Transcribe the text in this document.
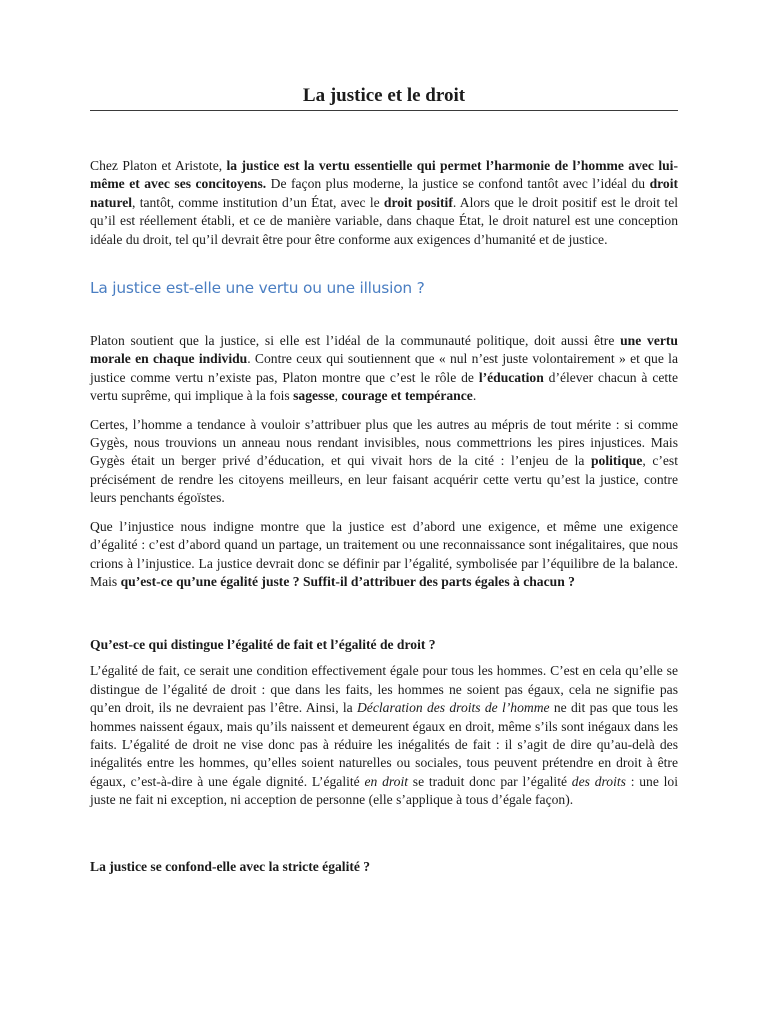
La justice et le droit

Chez Platon et Aristote, la justice est la vertu essentielle qui permet l’harmonie de l’homme avec lui-même et avec ses concitoyens. De façon plus moderne, la justice se confond tantôt avec l’idéal du droit naturel, tantôt, comme institution d’un État, avec le droit positif. Alors que le droit positif est le droit tel qu’il est réellement établi, et ce de manière variable, dans chaque État, le droit naturel est une conception idéale du droit, tel qu’il devrait être pour être conforme aux exigences d’humanité et de justice.

La justice est-elle une vertu ou une illusion ?

Platon soutient que la justice, si elle est l’idéal de la communauté politique, doit aussi être une vertu morale en chaque individu. Contre ceux qui soutiennent que « nul n’est juste volontairement » et que la justice comme vertu n’existe pas, Platon montre que c’est le rôle de l’éducation d’élever chacun à cette vertu suprême, qui implique à la fois sagesse, courage et tempérance.

Certes, l’homme a tendance à vouloir s’attribuer plus que les autres au mépris de tout mérite : si comme Gygès, nous trouvions un anneau nous rendant invisibles, nous commettrions les pires injustices. Mais Gygès était un berger privé d’éducation, et qui vivait hors de la cité : l’enjeu de la politique, c’est précisément de rendre les citoyens meilleurs, en leur faisant acquérir cette vertu qu’est la justice, contre leurs penchants égoïstes.

Que l’injustice nous indigne montre que la justice est d’abord une exigence, et même une exigence d’égalité : c’est d’abord quand un partage, un traitement ou une reconnaissance sont inégalitaires, que nous crions à l’injustice. La justice devrait donc se définir par l’égalité, symbolisée par l’équilibre de la balance. Mais qu’est-ce qu’une égalité juste ? Suffit-il d’attribuer des parts égales à chacun ?

Qu’est-ce qui distingue l’égalité de fait et l’égalité de droit ?

L’égalité de fait, ce serait une condition effectivement égale pour tous les hommes. C’est en cela qu’elle se distingue de l’égalité de droit : que dans les faits, les hommes ne soient pas égaux, cela ne signifie pas qu’en droit, ils ne devraient pas l’être. Ainsi, la Déclaration des droits de l’homme ne dit pas que tous les hommes naissent égaux, mais qu’ils naissent et demeurent égaux en droit, même s’ils sont inégaux dans les faits. L’égalité de droit ne vise donc pas à réduire les inégalités de fait : il s’agit de dire qu’au-delà des inégalités entre les hommes, qu’elles soient naturelles ou sociales, tous peuvent prétendre en droit à être égaux, c’est-à-dire à une égale dignité. L’égalité en droit se traduit donc par l’égalité des droits : une loi juste ne fait ni exception, ni acception de personne (elle s’applique à tous d’égale façon).

La justice se confond-elle avec la stricte égalité ?
